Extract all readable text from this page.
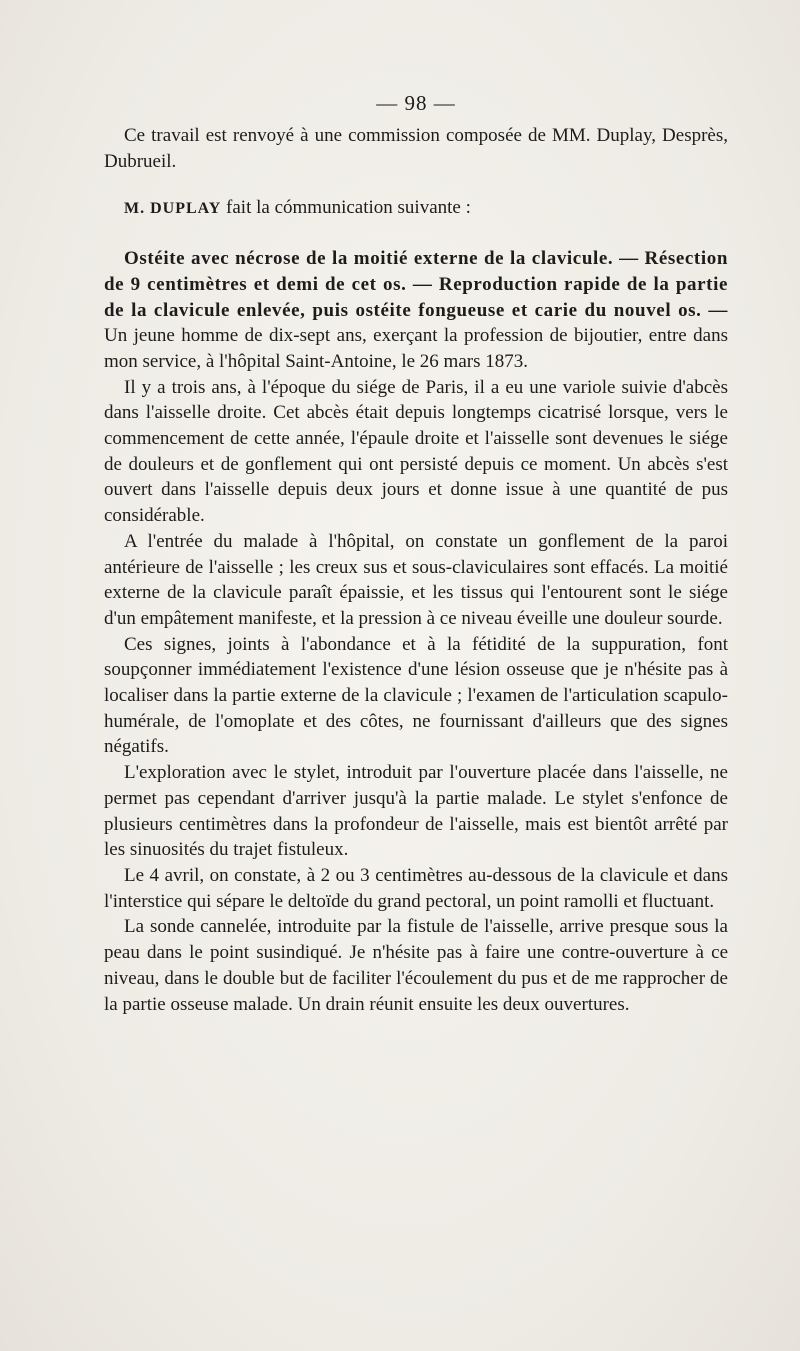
— 98 —

Ce travail est renvoyé à une commission composée de MM. Duplay, Desprès, Dubrueil.

M. DUPLAY fait la cómmunication suivante :

Ostéite avec nécrose de la moitié externe de la clavicule. — Résection de 9 centimètres et demi de cet os. — Reproduction rapide de la partie de la clavicule enlevée, puis ostéite fongueuse et carie du nouvel os. — Un jeune homme de dix-sept ans, exerçant la profession de bijoutier, entre dans mon service, à l'hôpital Saint-Antoine, le 26 mars 1873.

Il y a trois ans, à l'époque du siége de Paris, il a eu une variole suivie d'abcès dans l'aisselle droite. Cet abcès était depuis longtemps cicatrisé lorsque, vers le commencement de cette année, l'épaule droite et l'aisselle sont devenues le siége de douleurs et de gonflement qui ont persisté depuis ce moment. Un abcès s'est ouvert dans l'aisselle depuis deux jours et donne issue à une quantité de pus considérable.

A l'entrée du malade à l'hôpital, on constate un gonflement de la paroi antérieure de l'aisselle ; les creux sus et sous-claviculaires sont effacés. La moitié externe de la clavicule paraît épaissie, et les tissus qui l'entourent sont le siége d'un empâtement manifeste, et la pression à ce niveau éveille une douleur sourde.

Ces signes, joints à l'abondance et à la fétidité de la suppuration, font soupçonner immédiatement l'existence d'une lésion osseuse que je n'hésite pas à localiser dans la partie externe de la clavicule ; l'examen de l'articulation scapulo-humérale, de l'omoplate et des côtes, ne fournissant d'ailleurs que des signes négatifs.

L'exploration avec le stylet, introduit par l'ouverture placée dans l'aisselle, ne permet pas cependant d'arriver jusqu'à la partie malade. Le stylet s'enfonce de plusieurs centimètres dans la profondeur de l'aisselle, mais est bientôt arrêté par les sinuosités du trajet fistuleux.

Le 4 avril, on constate, à 2 ou 3 centimètres au-dessous de la clavicule et dans l'interstice qui sépare le deltoïde du grand pectoral, un point ramolli et fluctuant.

La sonde cannelée, introduite par la fistule de l'aisselle, arrive presque sous la peau dans le point susindiqué. Je n'hésite pas à faire une contre-ouverture à ce niveau, dans le double but de faciliter l'écoulement du pus et de me rapprocher de la partie osseuse malade. Un drain réunit ensuite les deux ouvertures.
